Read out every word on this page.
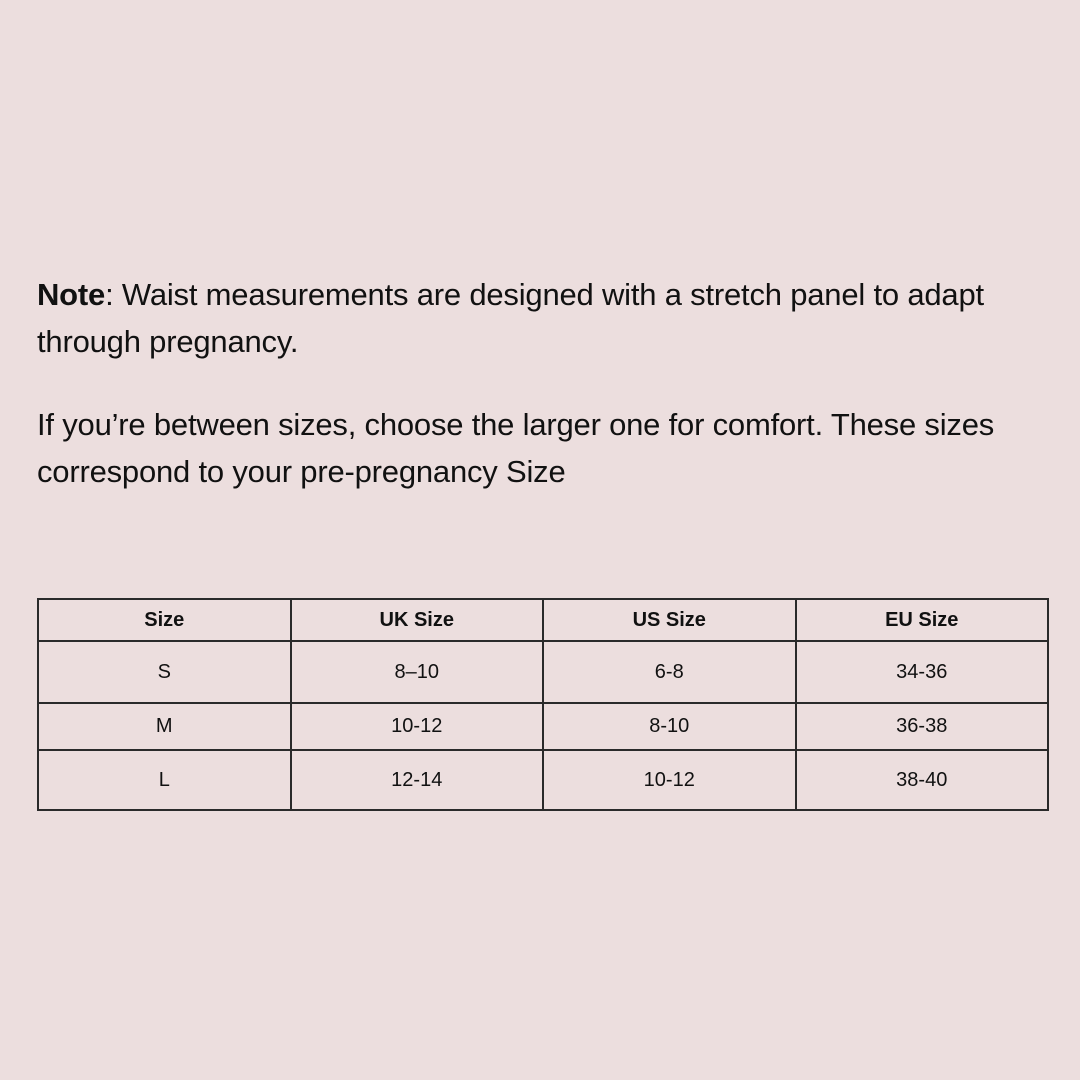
Note: Waist measurements are designed with a stretch panel to adapt through pregnancy.

If you’re between sizes, choose the larger one for comfort. These sizes correspond to your pre-pregnancy Size

Size	UK Size	US Size	EU Size
S	8–10	6-8	34-36
M	10-12	8-10	36-38
L	12-14	10-12	38-40
